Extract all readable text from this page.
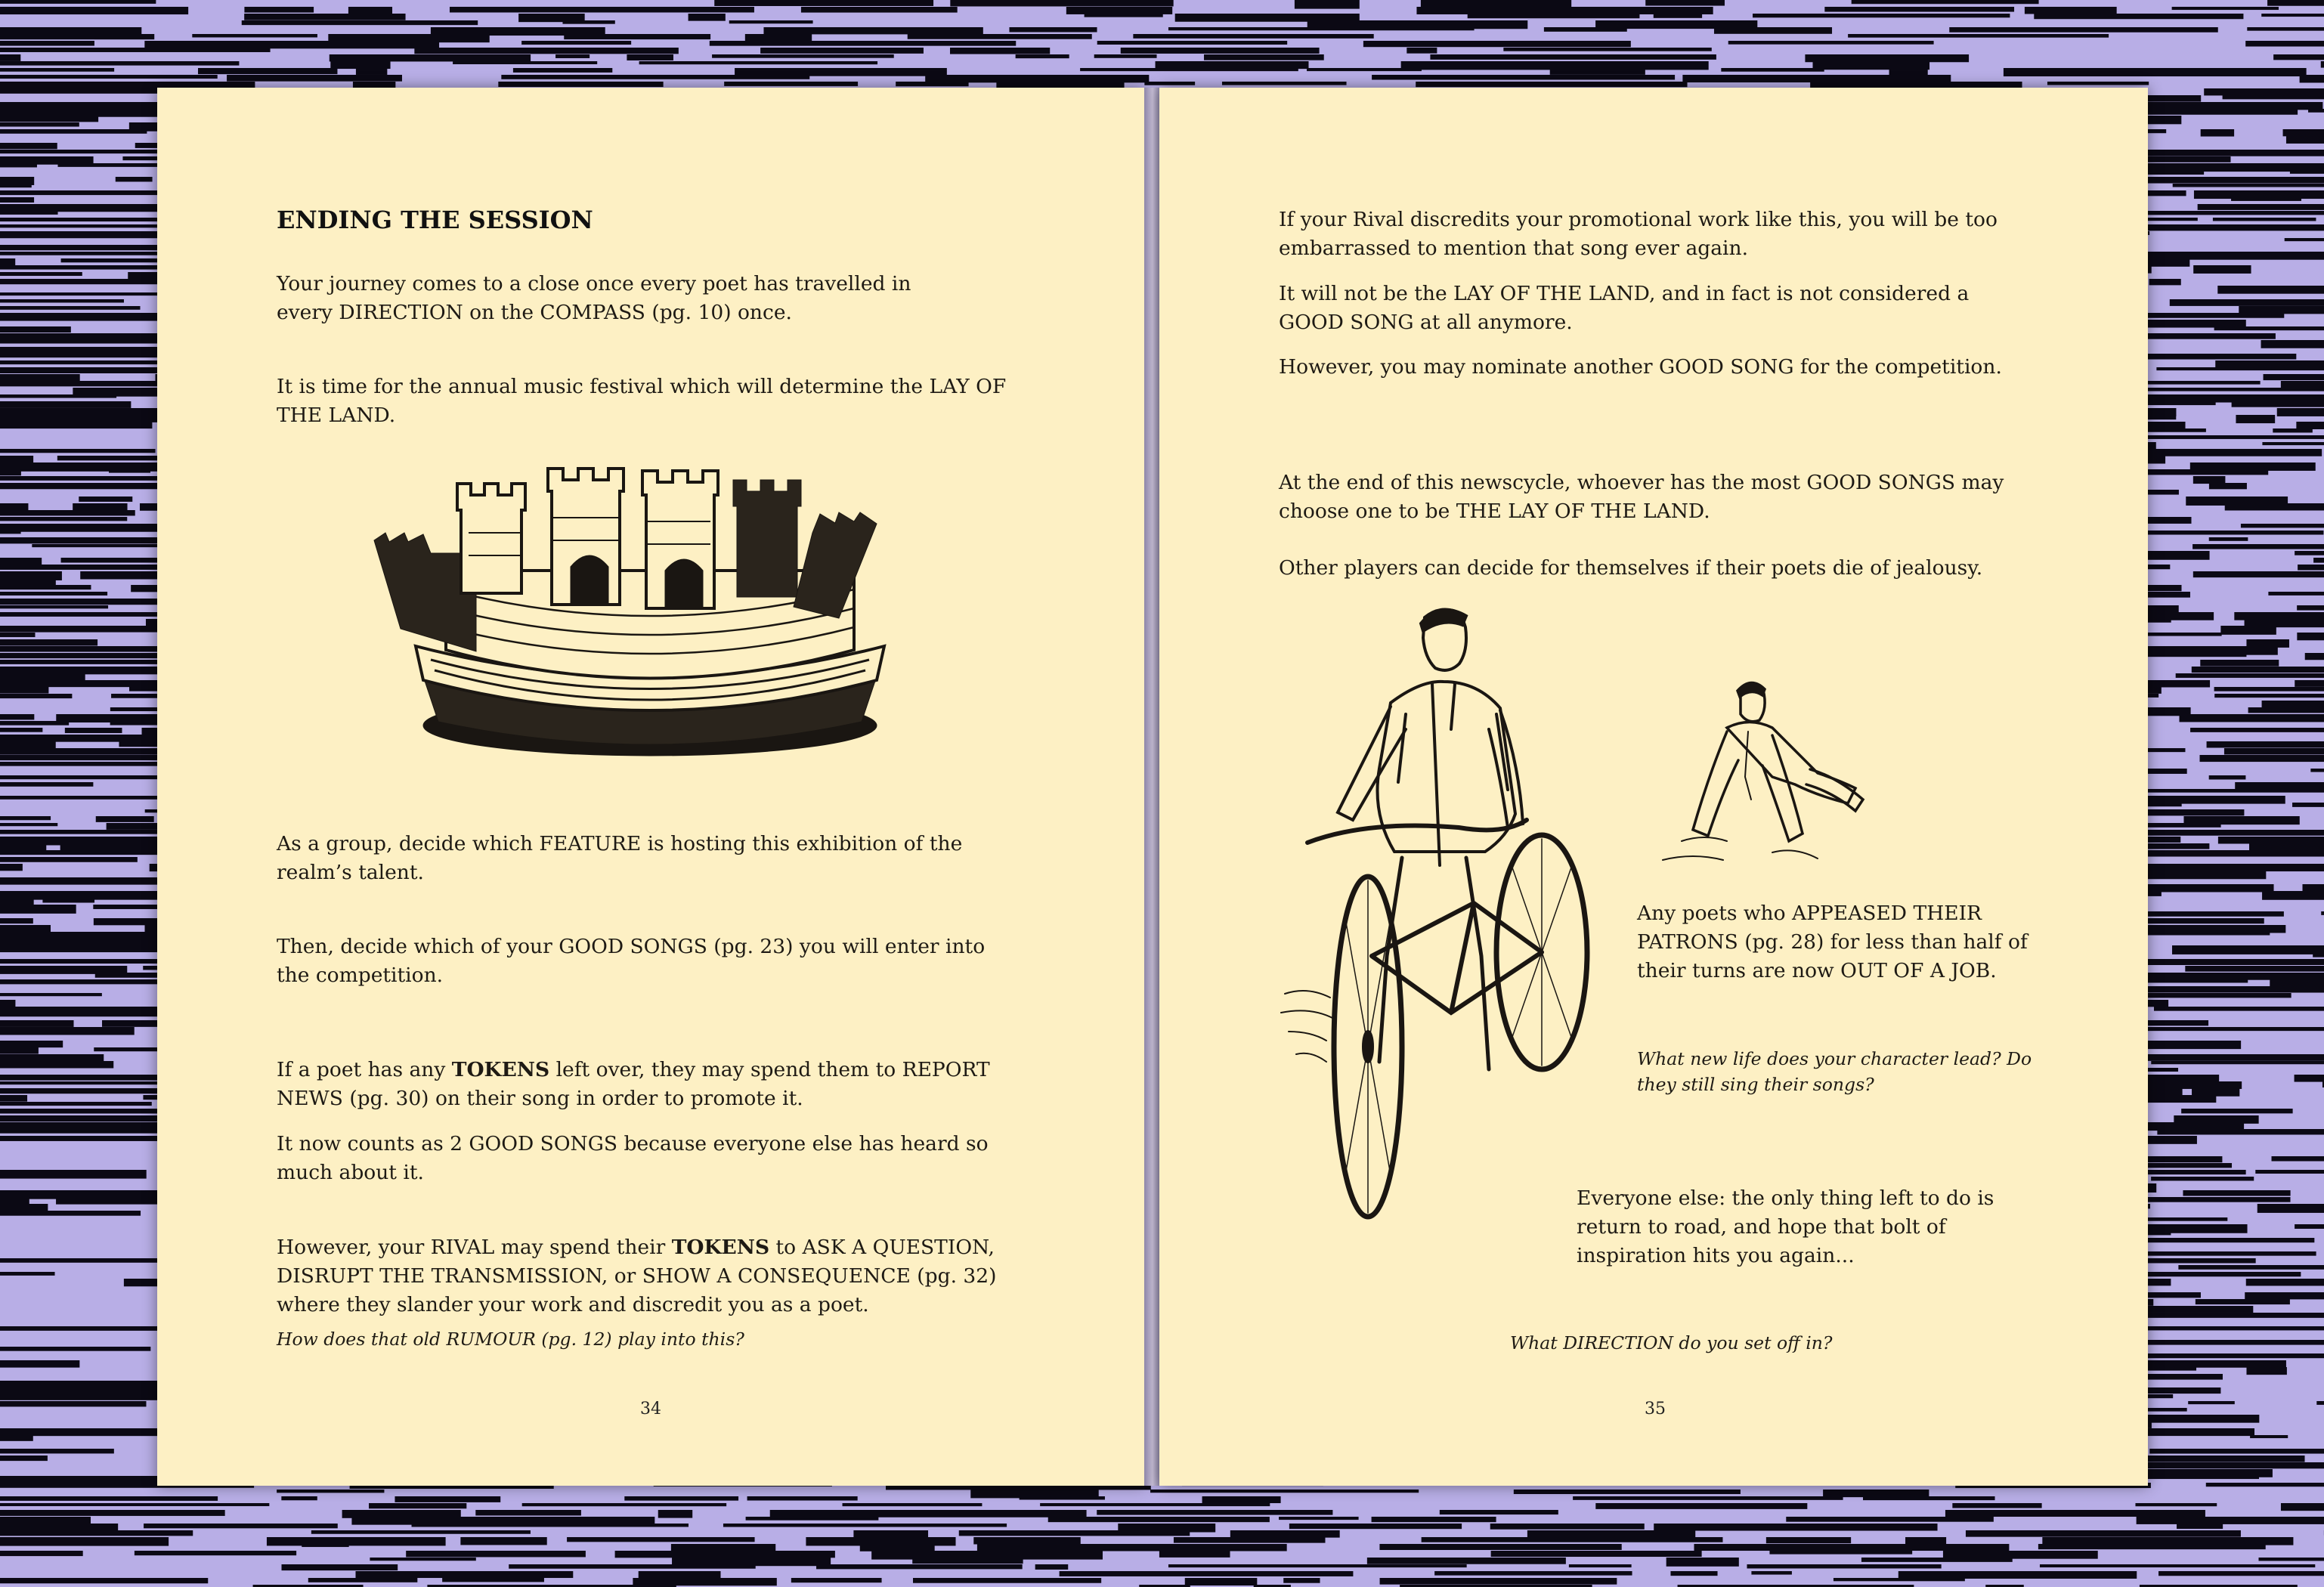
ENDING THE SESSION

Your journey comes to a close once every poet has travelled in every DIRECTION on the COMPASS (pg. 10) once.

It is time for the annual music festival which will determine the LAY OF THE LAND.

As a group, decide which FEATURE is hosting this exhibition of the realm’s talent.

Then, decide which of your GOOD SONGS (pg. 23) you will enter into the competition.

If a poet has any TOKENS left over, they may spend them to REPORT NEWS (pg. 30) on their song in order to promote it.

It now counts as 2 GOOD SONGS because everyone else has heard so much about it.

However, your RIVAL may spend their TOKENS to ASK A QUESTION, DISRUPT THE TRANSMISSION, or SHOW A CONSEQUENCE (pg. 32) where they slander your work and discredit you as a poet.

How does that old RUMOUR (pg. 12) play into this?

34

If your Rival discredits your promotional work like this, you will be too embarrassed to mention that song ever again.

It will not be the LAY OF THE LAND, and in fact is not considered a GOOD SONG at all anymore.

However, you may nominate another GOOD SONG for the competition.

At the end of this newscycle, whoever has the most GOOD SONGS may choose one to be THE LAY OF THE LAND.

Other players can decide for themselves if their poets die of jealousy.

Any poets who APPEASED THEIR PATRONS (pg. 28) for less than half of their turns are now OUT OF A JOB.

What new life does your character lead? Do they still sing their songs?

Everyone else: the only thing left to do is return to road, and hope that bolt of inspiration hits you again...

What DIRECTION do you set off in?

35
